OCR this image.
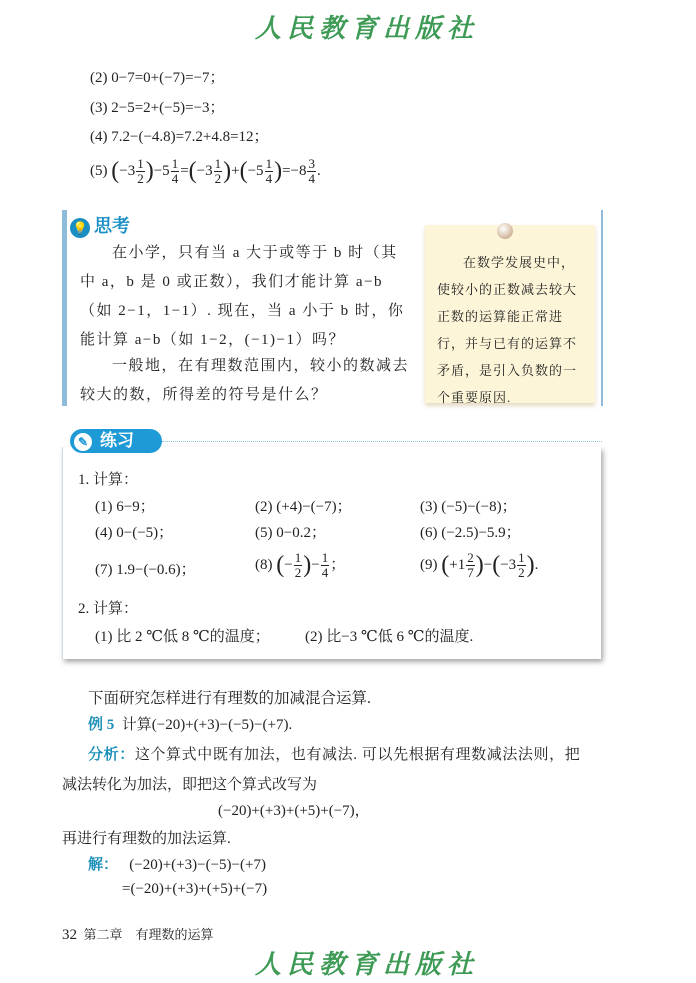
人民教育出版社
(2) 0−7=0+(−7)=−7；
(3) 2−5=2+(−5)=−3；
(4) 7.2−(−4.8)=7.2+4.8=12；
(5) $(-3 \frac{1}{2} )-5 \frac{1}{4} =(-3 \frac{1}{2} )+(-5 \frac{1}{4} )=-8 \frac{3}{4}$ .
💡 思考
在小学，只有当 a 大于或等于 b 时（其中 a，b 是 0 或正数），我们才能计算 a−b（如 2−1，1−1）. 现在，当 a 小于 b 时，你能计算 a−b（如 1−2，(−1)−1）吗？
一般地，在有理数范围内，较小的数减去较大的数，所得差的符号是什么？
在数学发展史中，使较小的正数减去较大正数的运算能正常进行，并与已有的运算不矛盾，是引入负数的一个重要原因.
✎ 练习
1. 计算：
(1) 6−9；	(2) (+4)−(−7)；	(3) (−5)−(−8)；
(4) 0−(−5)；	(5) 0−0.2；	(6) (−2.5)−5.9；
(7) 1.9−(−0.6)；	(8) (− $\frac{1}{2}$ )− $\frac{1}{4}$ ；	(9) $(+1 \frac{2}{7} )-(-3 \frac{1}{2}$ ).
2. 计算：
(1) 比 2 ℃低 8 ℃的温度； (2) 比−3 ℃低 6 ℃的温度.
下面研究怎样进行有理数的加减混合运算.
例 5 计算(−20)+(+3)−(−5)−(+7).
分析：这个算式中既有加法，也有减法. 可以先根据有理数减法法则，把
减法转化为加法，即把这个算式改写为
(−20)+(+3)+(+5)+(−7)，
再进行有理数的加法运算.
解： (−20)+(+3)−(−5)−(+7)
=(−20)+(+3)+(+5)+(−7)
32 第二章　有理数的运算
人民教育出版社
